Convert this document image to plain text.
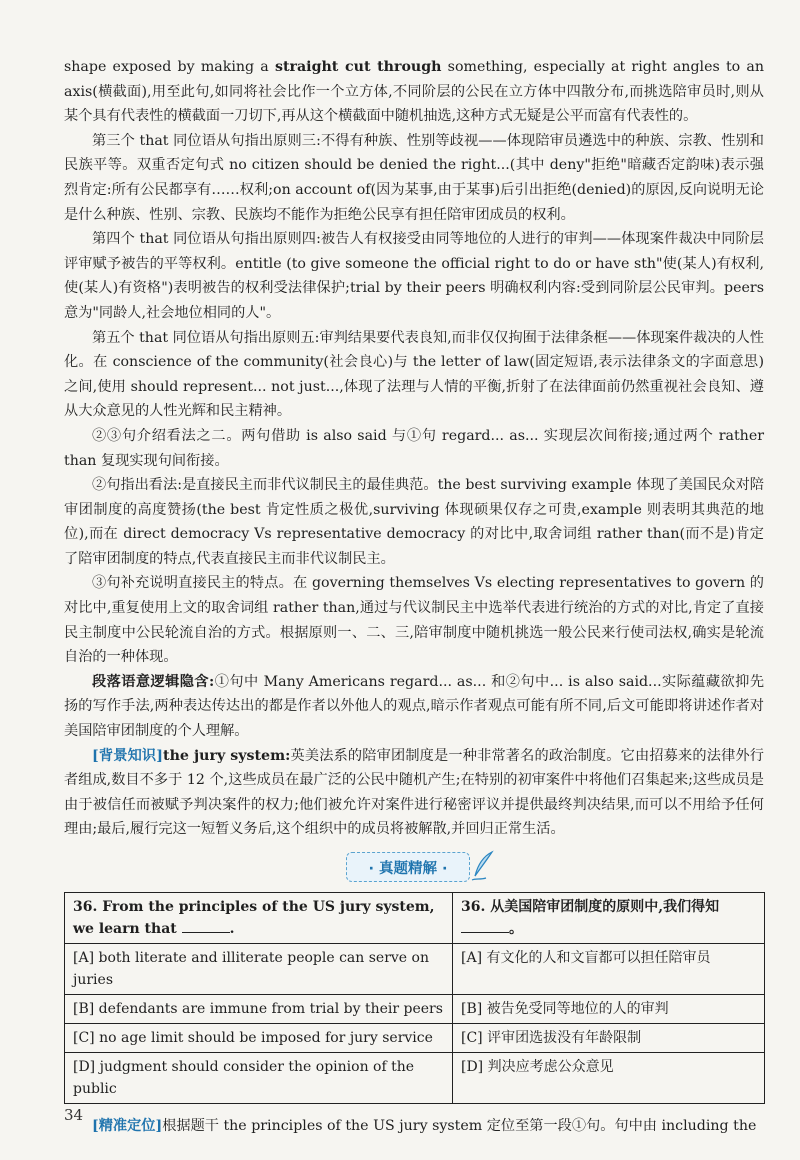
shape exposed by making a straight cut through something, especially at right angles to an axis(横截面),用至此句,如同将社会比作一个立方体,不同阶层的公民在立方体中四散分布,而挑选陪审员时,则从某个具有代表性的横截面一刀切下,再从这个横截面中随机抽选,这种方式无疑是公平而富有代表性的。

第三个 that 同位语从句指出原则三:不得有种族、性别等歧视——体现陪审员遴选中的种族、宗教、性别和民族平等。双重否定句式 no citizen should be denied the right...(其中 deny"拒绝"暗藏否定韵味)表示强烈肯定:所有公民都享有……权利;on account of(因为某事,由于某事)后引出拒绝(denied)的原因,反向说明无论是什么种族、性别、宗教、民族均不能作为拒绝公民享有担任陪审团成员的权利。

第四个 that 同位语从句指出原则四:被告人有权接受由同等地位的人进行的审判——体现案件裁决中同阶层评审赋予被告的平等权利。entitle (to give someone the official right to do or have sth"使(某人)有权利,使(某人)有资格")表明被告的权利受法律保护;trial by their peers 明确权利内容:受到同阶层公民审判。peers 意为"同龄人,社会地位相同的人"。

第五个 that 同位语从句指出原则五:审判结果要代表良知,而非仅仅拘囿于法律条框——体现案件裁决的人性化。在 conscience of the community(社会良心)与 the letter of law(固定短语,表示法律条文的字面意思)之间,使用 should represent... not just...,体现了法理与人情的平衡,折射了在法律面前仍然重视社会良知、遵从大众意见的人性光辉和民主精神。

②③句介绍看法之二。两句借助 is also said 与①句 regard... as... 实现层次间衔接;通过两个 rather than 复现实现句间衔接。

②句指出看法:是直接民主而非代议制民主的最佳典范。the best surviving example 体现了美国民众对陪审团制度的高度赞扬(the best 肯定性质之极优,surviving 体现硕果仅存之可贵,example 则表明其典范的地位),而在 direct democracy Vs representative democracy 的对比中,取舍词组 rather than(而不是)肯定了陪审团制度的特点,代表直接民主而非代议制民主。

③句补充说明直接民主的特点。在 governing themselves Vs electing representatives to govern 的对比中,重复使用上文的取舍词组 rather than,通过与代议制民主中选举代表进行统治的方式的对比,肯定了直接民主制度中公民轮流自治的方式。根据原则一、二、三,陪审制度中随机挑选一般公民来行使司法权,确实是轮流自治的一种体现。

段落语意逻辑隐含:①句中 Many Americans regard... as... 和②句中... is also said...实际蕴藏欲抑先扬的写作手法,两种表达传达出的都是作者以外他人的观点,暗示作者观点可能有所不同,后文可能即将讲述作者对美国陪审团制度的个人理解。

[背景知识]the jury system:英美法系的陪审团制度是一种非常著名的政治制度。它由招募来的法律外行者组成,数目不多于 12 个,这些成员在最广泛的公民中随机产生;在特别的初审案件中将他们召集起来;这些成员是由于被信任而被赋予判决案件的权力;他们被允许对案件进行秘密评议并提供最终判决结果,而可以不用给予任何理由;最后,履行完这一短暂义务后,这个组织中的成员将被解散,并回归正常生活。

· 真题精解 ·
36. From the principles of the US jury system, we learn that .	36. 从美国陪审团制度的原则中,我们得知。
[A] both literate and illiterate people can serve on juries	[A] 有文化的人和文盲都可以担任陪审员
[B] defendants are immune from trial by their peers	[B] 被告免受同等地位的人的审判
[C] no age limit should be imposed for jury service	[C] 评审团选拔没有年龄限制
[D] judgment should consider the opinion of the public	[D] 判决应考虑公众意见

[精准定位]根据题干 the principles of the US jury system 定位至第一段①句。句中由 including the

34
